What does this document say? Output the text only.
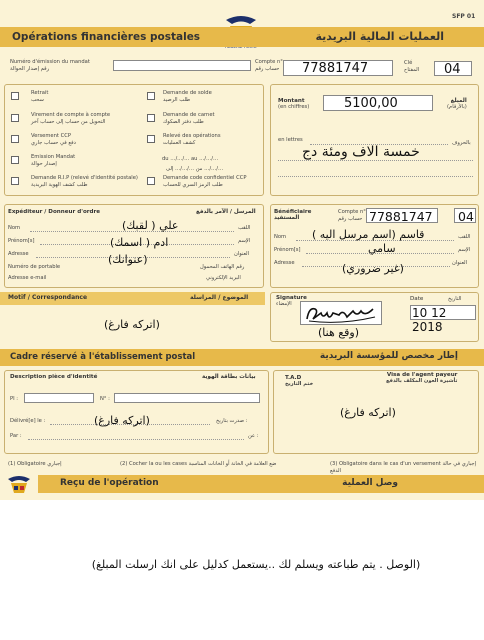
SFP 01
Opérations financières postales	العمليات المالية البريدية
Numéro d'émission du mandat
رقم إصدار الحوالة
Compte n°
حساب رقم 77881747	Clé
المفتاح 04
Retrait
سحب
Demande de solde
طلب الرصيد
Virement de compte à compte
التحويل من حساب إلى حساب آخر
Demande de carnet
طلب دفتر الصكوك
Versement CCP
دفع في حساب جاري
Relevé des opérations
كشف العمليات
Emission Mandat
إصدار حوالة
du …/…/… au …/…/…
من …/…/… إلى	…/…/…
Demande R.I.P (relevé d'identité postale)
طلب كشف الهوية البريدية
Demande code confidentiel CCP
طلب الرمز السري للحساب
Montant
(en chiffres)	5100,00	المبلغ
(بالأرقام)
en lettres	بالحروف
خمسة الاف ومئة دج
Expéditeur / Donneur d'ordre	المرسل / الآمر بالدفع
Nom	اللقب
علي ( لقبك)
Prénom[s]	الإسم
ادم ( اسمك)
Adresse	العنوان
(عنوانك)
Numéro de portable	رقم الهاتف المحمول
Adresse e-mail	البريد الإلكتروني
Bénéficiaire
المستفيد
Compte n°
حساب رقم 77881747 04
Nom	اللقب
قاسم (اسم مرسل اليه )
Prénom[s]	الإسم
سامي
Adresse	العنوان
(غير ضروري)
Motif / Correspondance	الموضوع / المراسلة
(اتركه فارغ)
Signature
الإمضاء
(وقع هنا)
Date	التاريخ
10 12 2018
Cadre réservé à l'établissement postal	إطار مخصص للمؤسسة البريدية
Description pièce d'identité	بيانات بطاقة الهوية
PI :	N° :
Délivré[e] le :	صدرت بتاريخ :
Par :	عن :
(اتركه فارغ)
T.A.D
ختم التاريخ
Visa de l'agent payeur
تأشيرة العون المكلف بالدفع
(اتركه فارغ)
(1) Obligatoire إجباري	(2) Cocher la ou les cases ضع العلامة في الخانة أو الخانات المناسبة	(3) Obligatoire dans le cas d'un versement إجباري في حالة الدفع
Reçu de l'opération	وصل العملية
(الوصل . يتم طباعته ويسلم لك ..يستعمل كدليل على انك ارسلت المبلغ)
